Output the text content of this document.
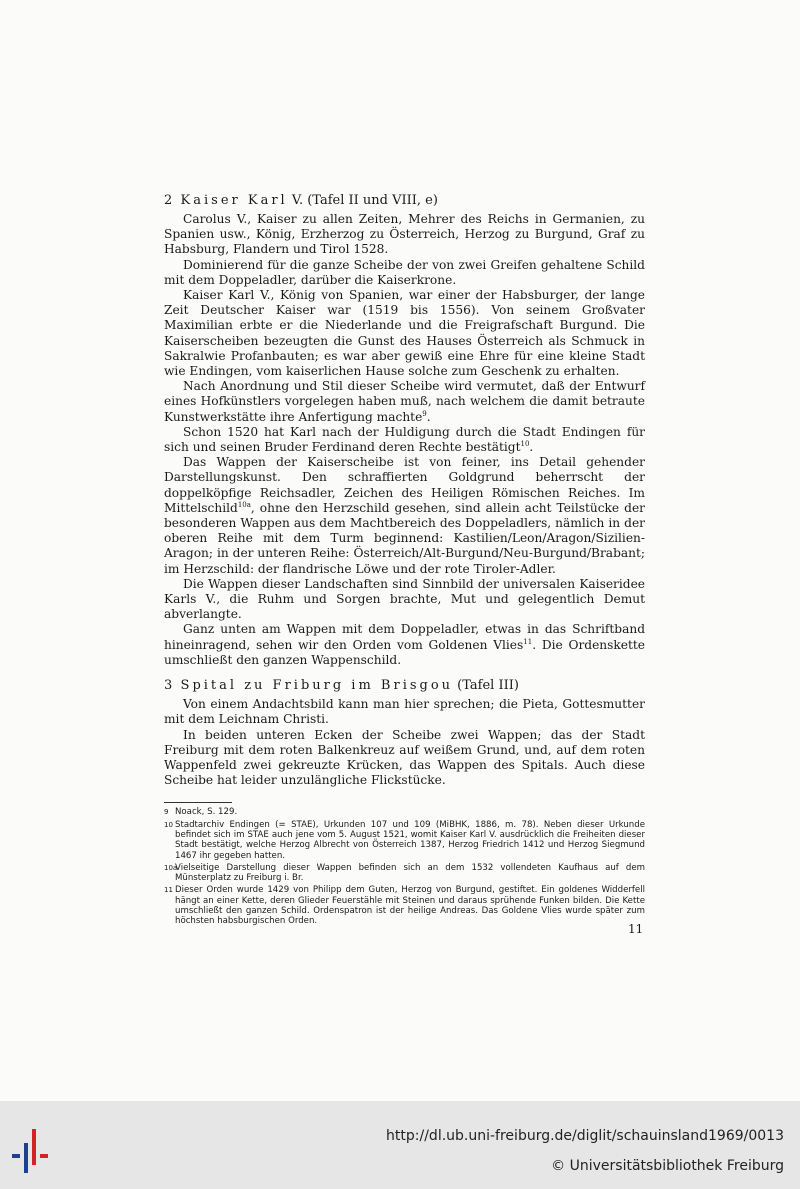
2 Kaiser Karl V. (Tafel II und VIII, e)

Carolus V., Kaiser zu allen Zeiten, Mehrer des Reichs in Germanien, zu Spanien usw., König, Erzherzog zu Österreich, Herzog zu Burgund, Graf zu Habsburg, Flandern und Tirol 1528.

Dominierend für die ganze Scheibe der von zwei Greifen gehaltene Schild mit dem Doppeladler, darüber die Kaiserkrone.

Kaiser Karl V., König von Spanien, war einer der Habsburger, der lange Zeit Deutscher Kaiser war (1519 bis 1556). Von seinem Großvater Maximilian erbte er die Niederlande und die Freigrafschaft Burgund. Die Kaiserscheiben bezeugten die Gunst des Hauses Österreich als Schmuck in Sakralwie Profanbauten; es war aber gewiß eine Ehre für eine kleine Stadt wie Endingen, vom kaiserlichen Hause solche zum Geschenk zu erhalten.

Nach Anordnung und Stil dieser Scheibe wird vermutet, daß der Entwurf eines Hofkünstlers vorgelegen haben muß, nach welchem die damit betraute Kunstwerkstätte ihre Anfertigung machte$^9$.

Schon 1520 hat Karl nach der Huldigung durch die Stadt Endingen für sich und seinen Bruder Ferdinand deren Rechte bestätigt$^{10}$.

Das Wappen der Kaiserscheibe ist von feiner, ins Detail gehender Darstellungskunst. Den schraffierten Goldgrund beherrscht der doppelköpfige Reichsadler, Zeichen des Heiligen Römischen Reiches. Im Mittelschild$^{10a}$, ohne den Herzschild gesehen, sind allein acht Teilstücke der besonderen Wappen aus dem Machtbereich des Doppeladlers, nämlich in der oberen Reihe mit dem Turm beginnend: Kastilien/Leon/Aragon/Sizilien-Aragon; in der unteren Reihe: Österreich/Alt-Burgund/Neu-Burgund/Brabant; im Herzschild: der flandrische Löwe und der rote Tiroler-Adler.

Die Wappen dieser Landschaften sind Sinnbild der universalen Kaiseridee Karls V., die Ruhm und Sorgen brachte, Mut und gelegentlich Demut abverlangte.

Ganz unten am Wappen mit dem Doppeladler, etwas in das Schriftband hineinragend, sehen wir den Orden vom Goldenen Vlies$^{11}$. Die Ordenskette umschließt den ganzen Wappenschild.

3 Spital zu Friburg im Brisgou (Tafel III)

Von einem Andachtsbild kann man hier sprechen; die Pieta, Gottesmutter mit dem Leichnam Christi.

In beiden unteren Ecken der Scheibe zwei Wappen; das der Stadt Freiburg mit dem roten Balkenkreuz auf weißem Grund, und, auf dem roten Wappenfeld zwei gekreuzte Krücken, das Wappen des Spitals. Auch diese Scheibe hat leider unzulängliche Flickstücke.

9 Noack, S. 129.
10 Stadtarchiv Endingen (= STAE), Urkunden 107 und 109 (MiBHK, 1886, m. 78). Neben dieser Urkunde befindet sich im STAE auch jene vom 5. August 1521, womit Kaiser Karl V. ausdrücklich die Freiheiten dieser Stadt bestätigt, welche Herzog Albrecht von Österreich 1387, Herzog Friedrich 1412 und Herzog Siegmund 1467 ihr gegeben hatten.
10a
Vielseitige Darstellung dieser Wappen befinden sich an dem 1532 vollendeten Kaufhaus auf dem Münsterplatz zu Freiburg i. Br.
11 Dieser Orden wurde 1429 von Philipp dem Guten, Herzog von Burgund, gestiftet. Ein goldenes Widderfell hängt an einer Kette, deren Glieder Feuerstähle mit Steinen und daraus sprühende Funken bilden. Die Kette umschließt den ganzen Schild. Ordenspatron ist der heilige Andreas. Das Goldene Vlies wurde später zum höchsten habsburgischen Orden.
11
http://dl.ub.uni-freiburg.de/diglit/schauinsland1969/0013
© Universitätsbibliothek Freiburg
